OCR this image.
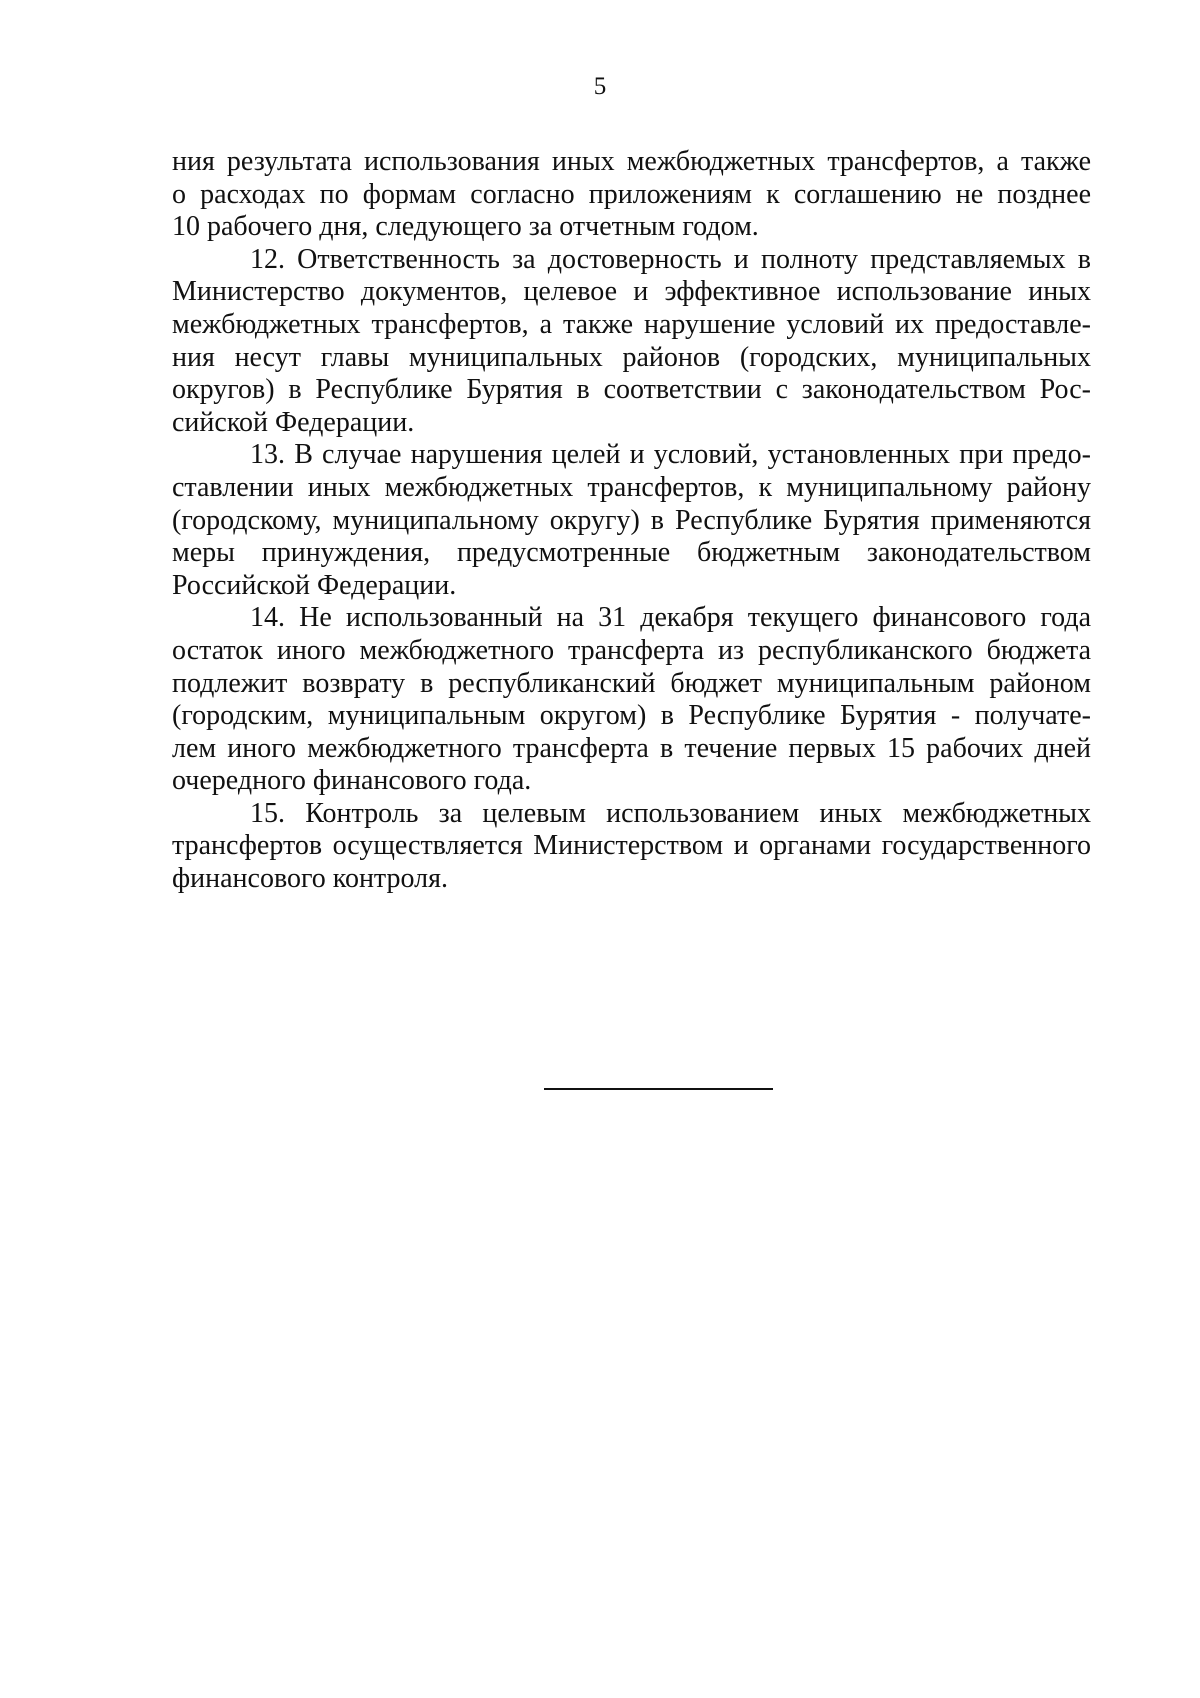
5
ния результата использования иных межбюджетных трансфертов, а также
о расходах по формам согласно приложениям к соглашению не позднее
10 рабочего дня, следующего за отчетным годом.
12. Ответственность за достоверность и полноту представляемых в
Министерство документов, целевое и эффективное использование иных
межбюджетных трансфертов, а также нарушение условий их предоставле-
ния несут главы муниципальных районов (городских, муниципальных
округов) в Республике Бурятия в соответствии с законодательством Рос-
сийской Федерации.
13. В случае нарушения целей и условий, установленных при предо-
ставлении иных межбюджетных трансфертов, к муниципальному району
(городскому, муниципальному округу) в Республике Бурятия применяются
меры принуждения, предусмотренные бюджетным законодательством
Российской Федерации.
14. Не использованный на 31 декабря текущего финансового года
остаток иного межбюджетного трансферта из республиканского бюджета
подлежит возврату в республиканский бюджет муниципальным районом
(городским, муниципальным округом) в Республике Бурятия - получате-
лем иного межбюджетного трансферта в течение первых 15 рабочих дней
очередного финансового года.
15. Контроль за целевым использованием иных межбюджетных
трансфертов осуществляется Министерством и органами государственного
финансового контроля.
